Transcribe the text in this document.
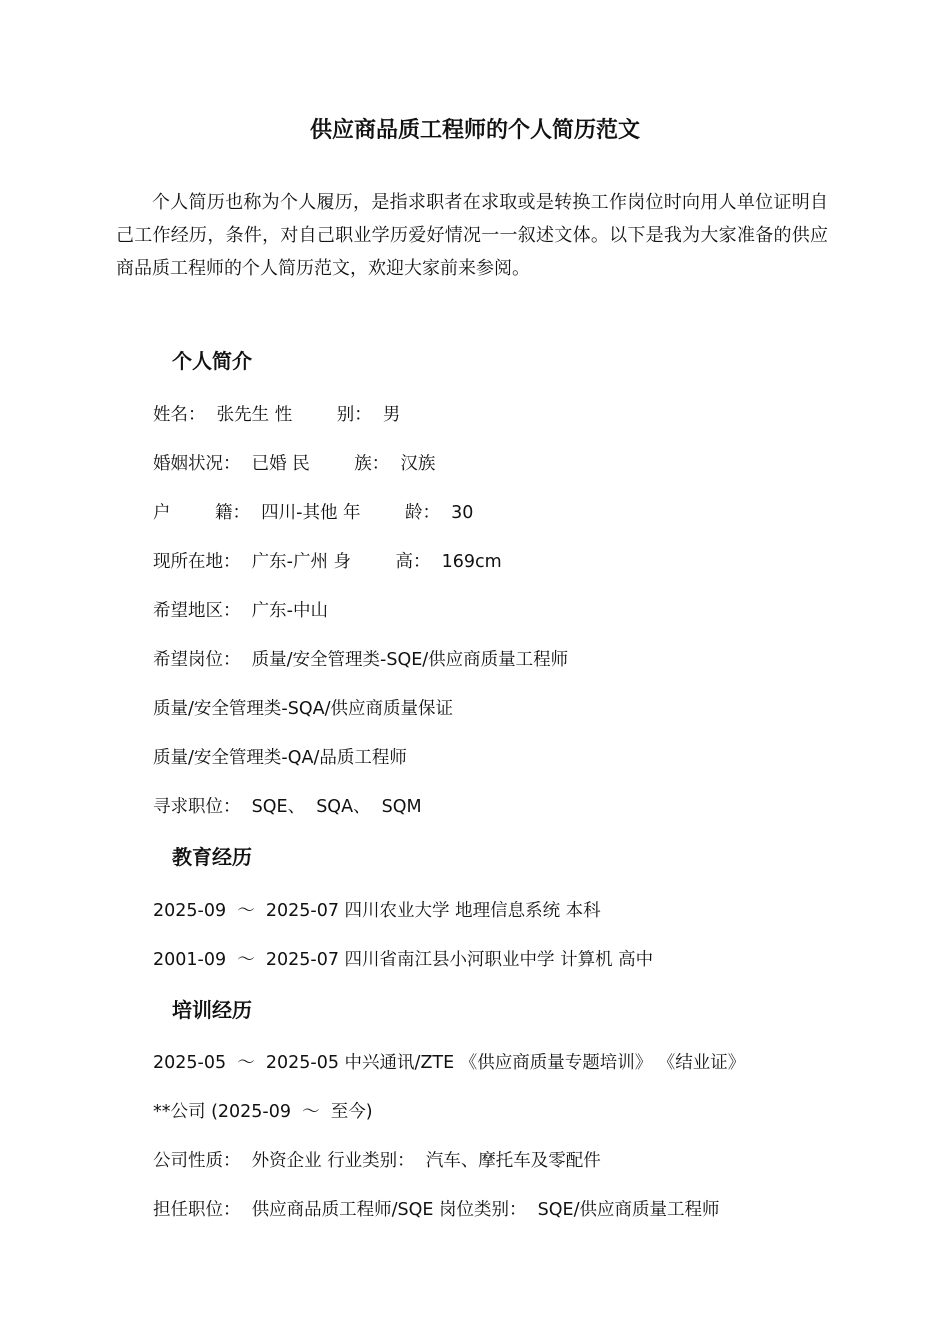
供应商品质工程师的个人简历范文

个人简历也称为个人履历，是指求职者在求取或是转换工作岗位时向用人单位证明自己工作经历，条件，对自己职业学历爱好情况一一叙述文体。以下是我为大家准备的供应商品质工程师的个人简历范文，欢迎大家前来参阅。

个人简介

姓名：  张先生 性        别：  男

婚姻状况：  已婚 民        族：  汉族

户        籍：  四川-其他 年        龄：  30

现所在地：  广东-广州 身        高：  169cm

希望地区：  广东-中山

希望岗位：  质量/安全管理类-SQE/供应商质量工程师

质量/安全管理类-SQA/供应商质量保证

质量/安全管理类-QA/品质工程师

寻求职位：  SQE、  SQA、  SQM

教育经历

2025-09  ～  2025-07 四川农业大学 地理信息系统 本科

2001-09  ～  2025-07 四川省南江县小河职业中学 计算机 高中

培训经历

2025-05  ～  2025-05 中兴通讯/ZTE 《供应商质量专题培训》 《结业证》

**公司 (2025-09  ～  至今)

公司性质：  外资企业 行业类别：  汽车、摩托车及零配件

担任职位：  供应商品质工程师/SQE 岗位类别：  SQE/供应商质量工程师
